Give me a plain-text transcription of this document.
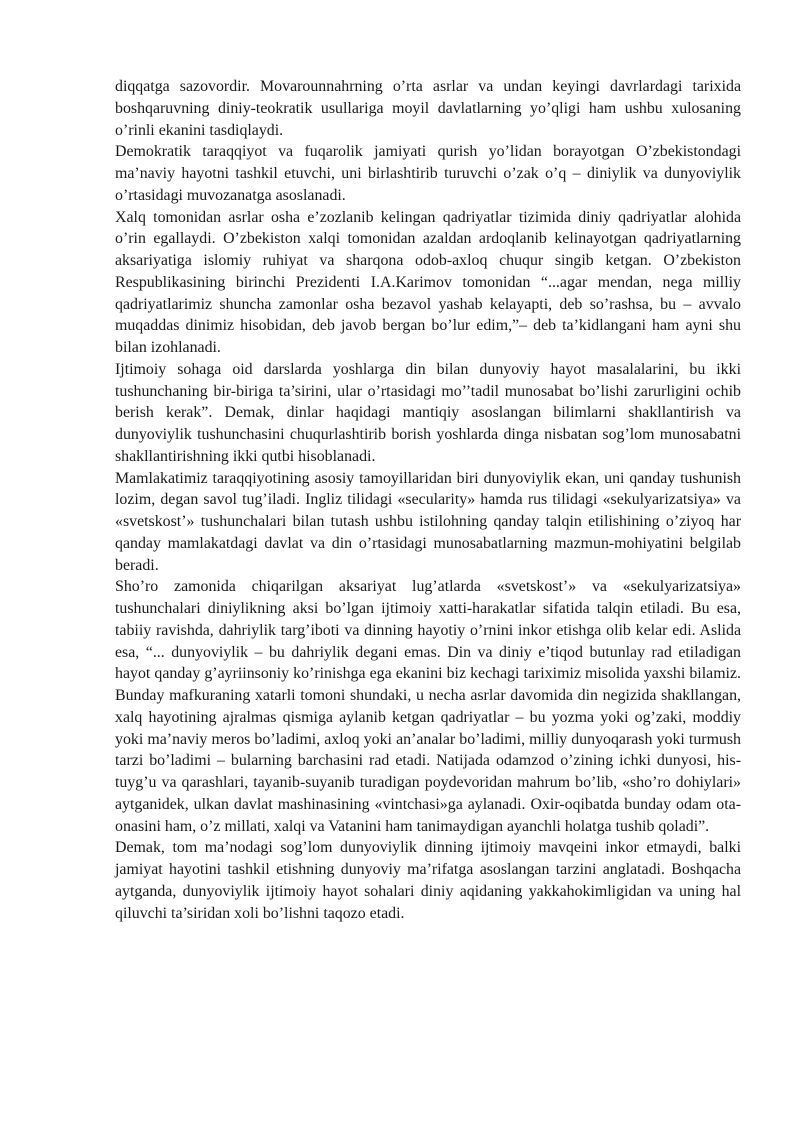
diqqatga sazovordir. Movarounnahrning o’rta asrlar va undan keyingi davrlardagi tarixida boshqaruvning diniy-teokratik usullariga moyil davlatlarning yo’qligi ham ushbu xulosaning o’rinli ekanini tasdiqlaydi.

Demokratik taraqqiyot va fuqarolik jamiyati qurish yo’lidan borayotgan O’zbekistondagi ma’naviy hayotni tashkil etuvchi, uni birlashtirib turuvchi o’zak o’q – diniylik va dunyoviylik o’rtasidagi muvozanatga asoslanadi.

Xalq tomonidan asrlar osha e’zozlanib kelingan qadriyatlar tizimida diniy qadriyatlar alohida o’rin egallaydi. O’zbekiston xalqi tomonidan azaldan ardoqlanib kelinayotgan qadriyatlarning aksariyatiga islomiy ruhiyat va sharqona odob-axloq chuqur singib ketgan. O’zbekiston Respublikasining birinchi Prezidenti I.A.Karimov tomonidan “...agar mendan, nega milliy qadriyatlarimiz shuncha zamonlar osha bezavol yashab kelayapti, deb so’rashsa, bu – avvalo muqaddas dinimiz hisobidan, deb javob bergan bo’lur edim,”– deb ta’kidlangani ham ayni shu bilan izohlanadi.

Ijtimoiy sohaga oid darslarda yoshlarga din bilan dunyoviy hayot masalalarini, bu ikki tushunchaning bir-biriga ta’sirini, ular o’rtasidagi mo’’tadil munosabat bo’lishi zarurligini ochib berish kerak”. Demak, dinlar haqidagi mantiqiy asoslangan bilimlarni shakllantirish va dunyoviylik tushunchasini chuqurlashtirib borish yoshlarda dinga nisbatan sog’lom munosabatni shakllantirishning ikki qutbi hisoblanadi.

Mamlakatimiz taraqqiyotining asosiy tamoyillaridan biri dunyoviylik ekan, uni qanday tushunish lozim, degan savol tug’iladi. Ingliz tilidagi «secularity» hamda rus tilidagi «sekulyarizatsiya» va «svetskost’» tushunchalari bilan tutash ushbu istilohning qanday talqin etilishining o’ziyoq har qanday mamlakatdagi davlat va din o’rtasidagi munosabatlarning mazmun-mohiyatini belgilab beradi.

Sho’ro zamonida chiqarilgan aksariyat lug’atlarda «svetskost’» va «sekulyarizatsiya» tushunchalari diniylikning aksi bo’lgan ijtimoiy xatti-harakatlar sifatida talqin etiladi. Bu esa, tabiiy ravishda, dahriylik targ’iboti va dinning hayotiy o’rnini inkor etishga olib kelar edi. Aslida esa, “... dunyoviylik – bu dahriylik degani emas. Din va diniy e’tiqod butunlay rad etiladigan hayot qanday g’ayriinsoniy ko’rinishga ega ekanini biz kechagi tariximiz misolida yaxshi bilamiz. Bunday mafkuraning xatarli tomoni shundaki, u necha asrlar davomida din negizida shakllangan, xalq hayotining ajralmas qismiga aylanib ketgan qadriyatlar – bu yozma yoki og’zaki, moddiy yoki ma’naviy meros bo’ladimi, axloq yoki an’analar bo’ladimi, milliy dunyoqarash yoki turmush tarzi bo’ladimi – bularning barchasini rad etadi. Natijada odamzod o’zining ichki dunyosi, his-tuyg’u va qarashlari, tayanib-suyanib turadigan poydevoridan mahrum bo’lib, «sho’ro dohiylari» aytganidek, ulkan davlat mashinasining «vintchasi»ga aylanadi. Oxir-oqibatda bunday odam ota-onasini ham, o’z millati, xalqi va Vatanini ham tanimaydigan ayanchli holatga tushib qoladi”.

Demak, tom ma’nodagi sog’lom dunyoviylik dinning ijtimoiy mavqeini inkor etmaydi, balki jamiyat hayotini tashkil etishning dunyoviy ma’rifatga asoslangan tarzini anglatadi. Boshqacha aytganda, dunyoviylik ijtimoiy hayot sohalari diniy aqidaning yakkahokimligidan va uning hal qiluvchi ta’siridan xoli bo’lishni taqozo etadi.
